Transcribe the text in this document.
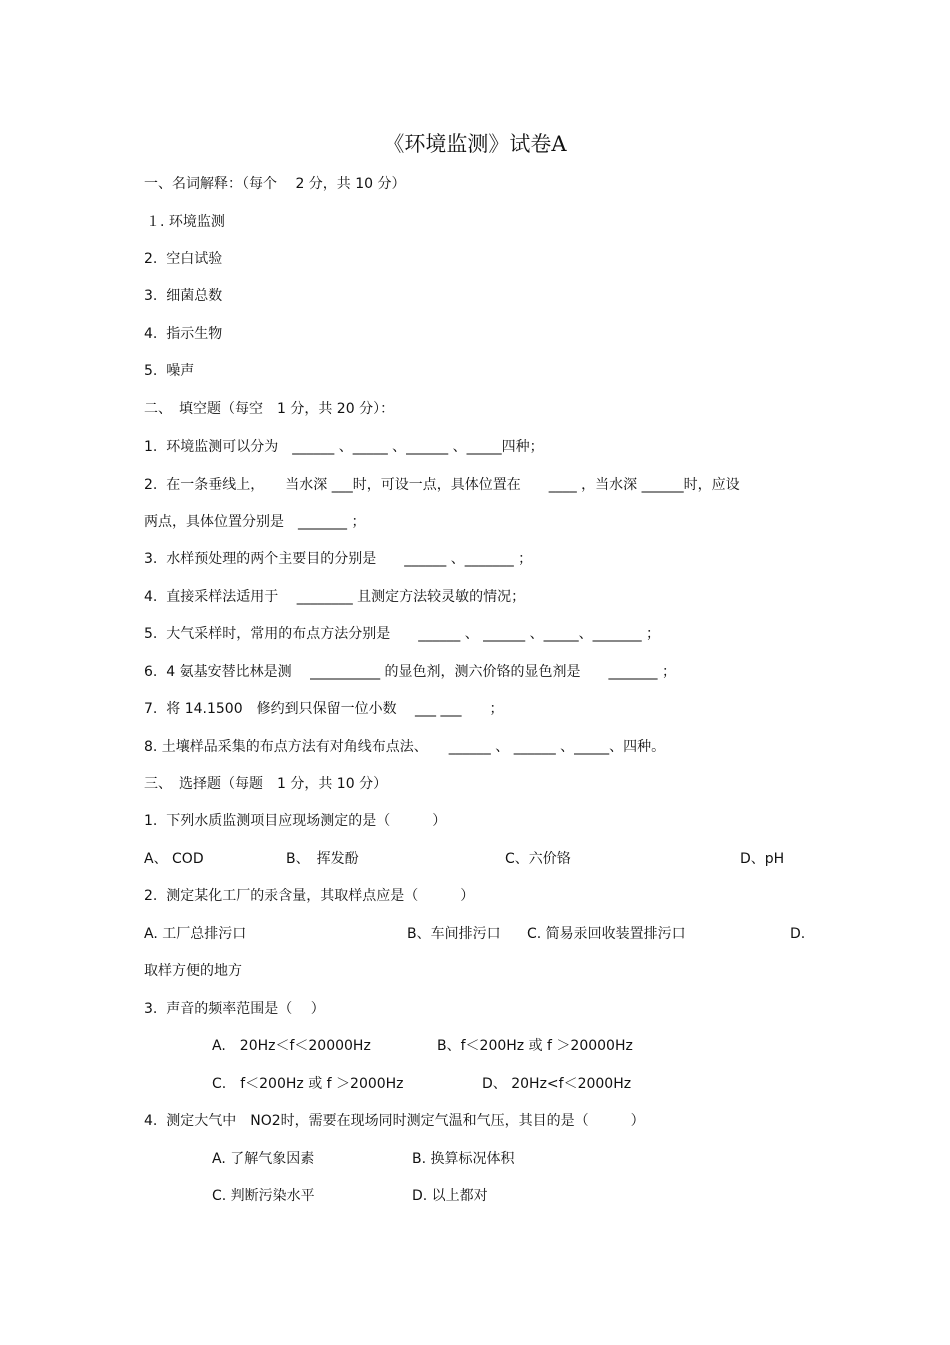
《环境监测》试卷A
一、名词解释：（每个　 2 分，共 10 分）
１. 环境监测
2.  空白试验
3.  细菌总数
4.  指示生物
5.  噪声
二、　填空题（每空　1 分，共 20 分）：
1.  环境监测可以分为　______ 、_____ 、______ 、_____四种；
2.  在一条垂线上，　　当水深 ___时，可设一点，具体位置在　　____ ，当水深 ______时，应设
两点，具体位置分别是　_______ ；
3.  水样预处理的两个主要目的分别是　　______ 、_______ ；
4.  直接采样法适用于　 ________ 且测定方法较灵敏的情况；
5.  大气采样时，常用的布点方法分别是　　______ 、 ______ 、_____、_______ ；
6.  4 氨基安替比林是测　 __________ 的显色剂，测六价铬的显色剂是　　_______ ；
7.  将 14.1500　修约到只保留一位小数　 ___ ___　　；
8. 土壤样品采集的布点方法有对角线布点法、　　______ 、 ______ 、_____、四种。
三、　选择题（每题　1 分，共 10 分）
1.  下列水质监测项目应现场测定的是（　　　）
A、 COD	B、　挥发酚	C、六价铬	D、pH
2.  测定某化工厂的汞含量，其取样点应是（　　　）
A. 工厂总排污口	B、车间排污口 C. 简易汞回收装置排污口	D.
取样方便的地方
3.  声音的频率范围是（　 ）
A.　20Hz＜f＜20000Hz	B、f＜200Hz 或 f ＞20000Hz
C.　f＜200Hz 或 f ＞2000Hz	D、 20Hz<f＜2000Hz
4.  测定大气中　NO2时，需要在现场同时测定气温和气压，其目的是（　　　）
A. 了解气象因素	B. 换算标况体积
C. 判断污染水平	D. 以上都对
